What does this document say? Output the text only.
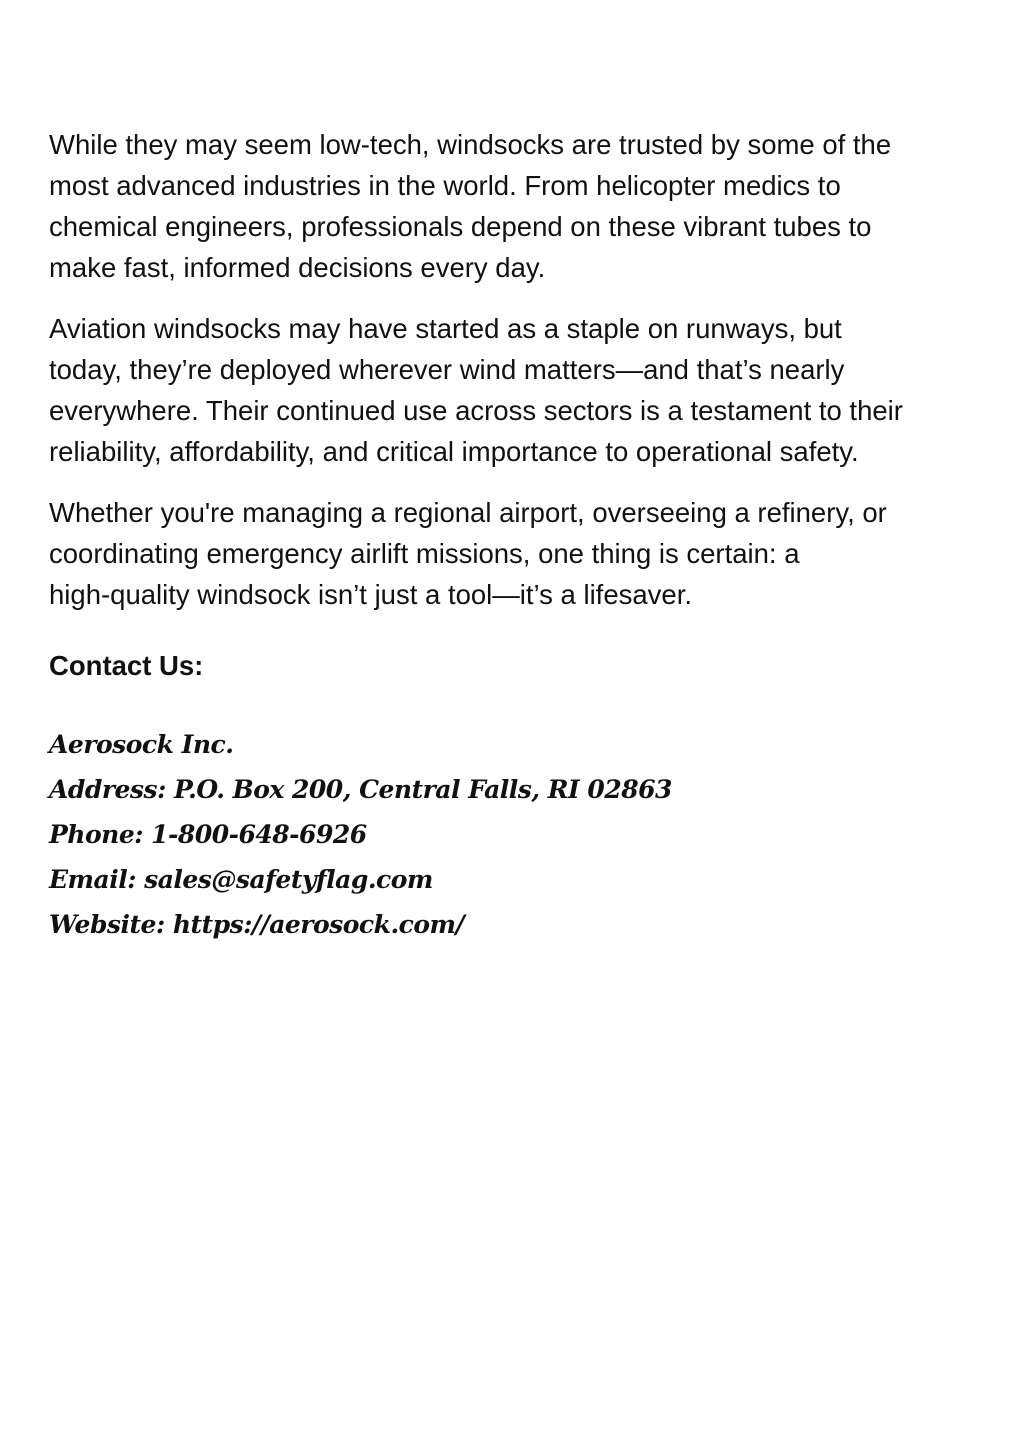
While they may seem low-tech, windsocks are trusted by some of the
most advanced industries in the world. From helicopter medics to
chemical engineers, professionals depend on these vibrant tubes to
make fast, informed decisions every day.

Aviation windsocks may have started as a staple on runways, but
today, they’re deployed wherever wind matters—and that’s nearly
everywhere. Their continued use across sectors is a testament to their
reliability, affordability, and critical importance to operational safety.

Whether you're managing a regional airport, overseeing a refinery, or
coordinating emergency airlift missions, one thing is certain: a
high-quality windsock isn’t just a tool—it’s a lifesaver.

Contact Us:
Aerosock Inc.
Address: P.O. Box 200, Central Falls, RI 02863
Phone: 1-800-648-6926
Email: sales@safetyflag.com
Website: https://aerosock.com/
